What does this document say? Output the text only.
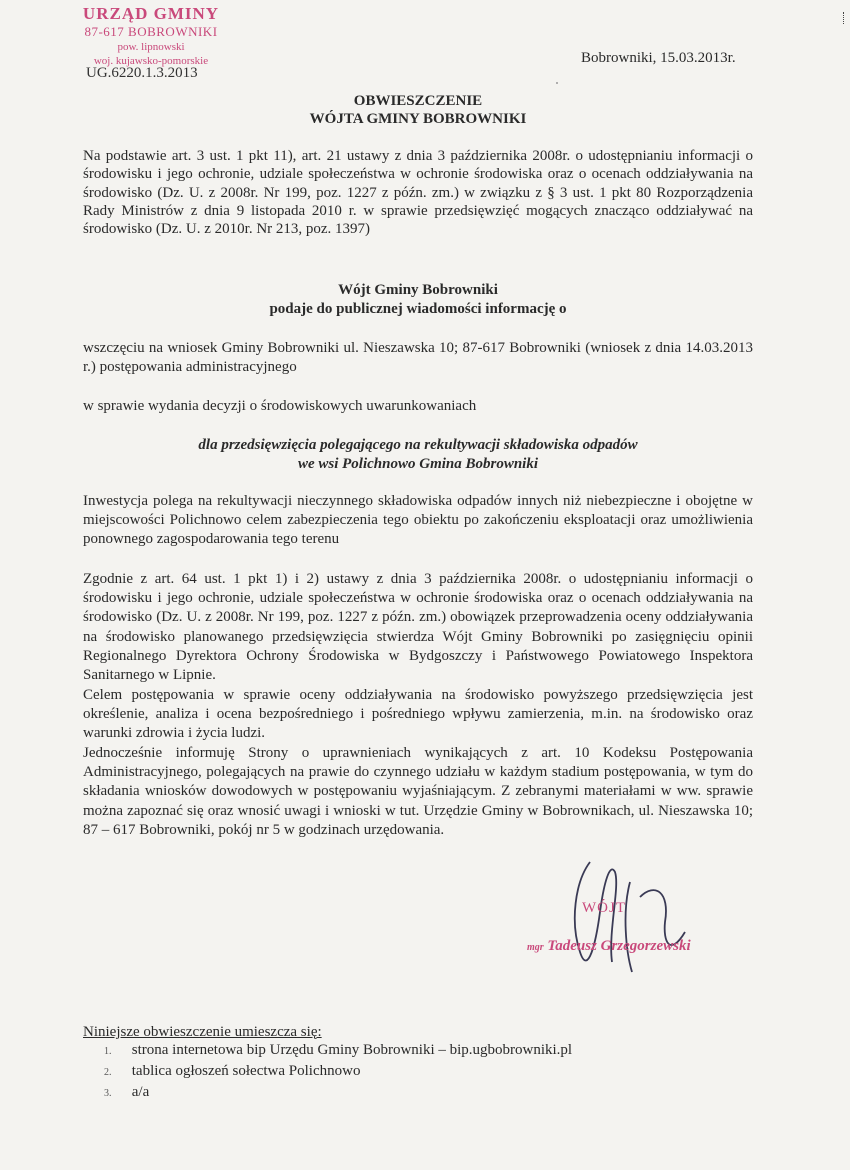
URZĄD GMINY
87-617 BOBROWNIKI
pow. lipnowski
woj. kujawsko-pomorskie
UG.6220.1.3.2013
Bobrowniki, 15.03.2013r.
OBWIESZCZENIE
WÓJTA GMINY BOBROWNIKI
Na podstawie art. 3 ust. 1 pkt 11), art. 21 ustawy z dnia 3 października 2008r. o udostępnianiu informacji o środowisku i jego ochronie, udziale społeczeństwa w ochronie środowiska oraz o ocenach oddziaływania na środowisko (Dz. U. z 2008r. Nr 199, poz. 1227 z późn. zm.) w związku z § 3 ust. 1 pkt 80 Rozporządzenia Rady Ministrów z dnia 9 listopada 2010 r. w sprawie przedsięwzięć mogących znacząco oddziaływać na środowisko (Dz. U. z 2010r. Nr 213, poz. 1397)
Wójt Gminy Bobrowniki
podaje do publicznej wiadomości informację o
wszczęciu na wniosek Gminy Bobrowniki ul. Nieszawska 10; 87-617 Bobrowniki (wniosek z dnia 14.03.2013 r.) postępowania administracyjnego
w sprawie wydania decyzji o środowiskowych uwarunkowaniach
dla przedsięwzięcia polegającego na rekultywacji składowiska odpadów
we wsi Polichnowo Gmina Bobrowniki
Inwestycja polega na rekultywacji nieczynnego składowiska odpadów innych niż niebezpieczne i obojętne w miejscowości Polichnowo celem zabezpieczenia tego obiektu po zakończeniu eksploatacji oraz umożliwienia ponownego zagospodarowania tego terenu
Zgodnie z art. 64 ust. 1 pkt 1) i 2) ustawy z dnia 3 października 2008r. o udostępnianiu informacji o środowisku i jego ochronie, udziale społeczeństwa w ochronie środowiska oraz o ocenach oddziaływania na środowisko (Dz. U. z 2008r. Nr 199, poz. 1227 z późn. zm.) obowiązek przeprowadzenia oceny oddziaływania na środowisko planowanego przedsięwzięcia stwierdza Wójt Gminy Bobrowniki po zasięgnięciu opinii Regionalnego Dyrektora Ochrony Środowiska w Bydgoszczy i Państwowego Powiatowego Inspektora Sanitarnego w Lipnie.
Celem postępowania w sprawie oceny oddziaływania na środowisko powyższego przedsięwzięcia jest określenie, analiza i ocena bezpośredniego i pośredniego wpływu zamierzenia, m.in. na środowisko oraz warunki zdrowia i życia ludzi.
Jednocześnie informuję Strony o uprawnieniach wynikających z art. 10 Kodeksu Postępowania Administracyjnego, polegających na prawie do czynnego udziału w każdym stadium postępowania, w tym do składania wniosków dowodowych w postępowaniu wyjaśniającym. Z zebranymi materiałami w ww. sprawie można zapoznać się oraz wnosić uwagi i wnioski w tut. Urzędzie Gminy w Bobrownikach, ul. Nieszawska 10; 87 – 617 Bobrowniki, pokój nr 5 w godzinach urzędowania.
WÓJT
mgr Tadeusz Grzegorzewski
Niniejsze obwieszczenie umieszcza się:
1. strona internetowa bip Urzędu Gminy Bobrowniki – bip.ugbobrowniki.pl
2. tablica ogłoszeń sołectwa Polichnowo
3. a/a
